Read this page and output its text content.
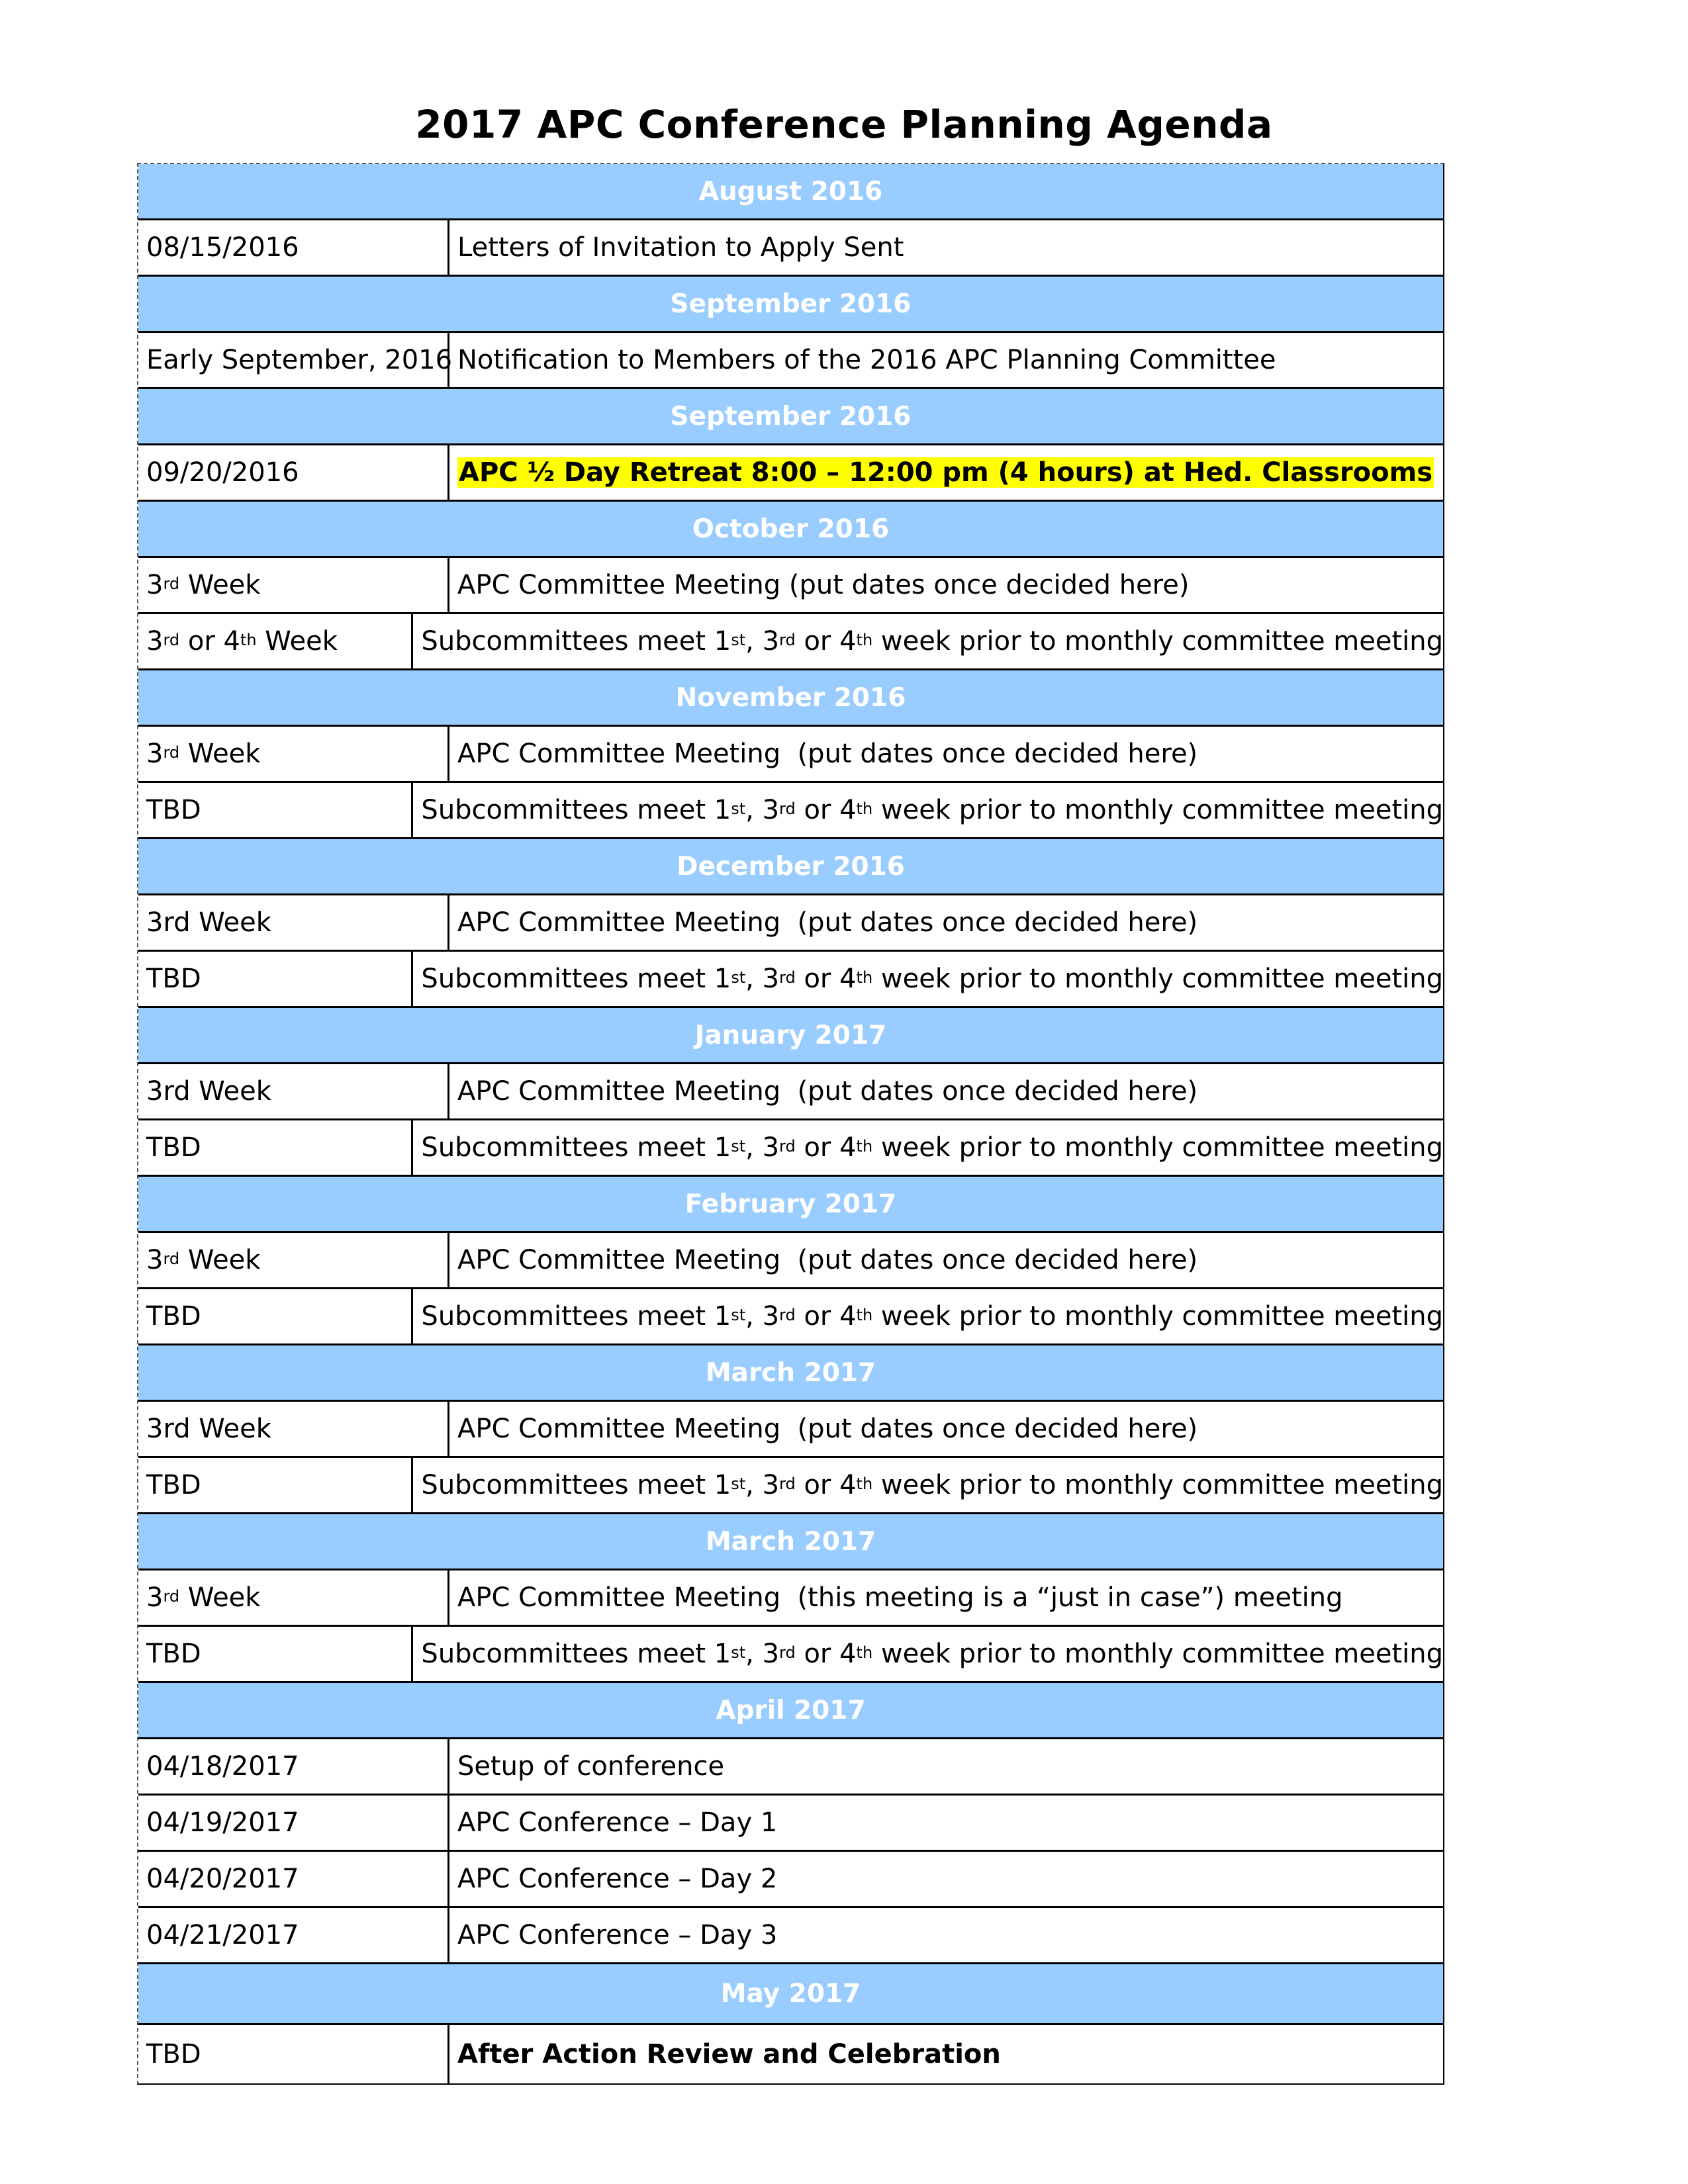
2017 APC Conference Planning Agenda
August 2016
08/15/2016	Letters of Invitation to Apply Sent
September 2016
Early September, 2016 Notification to Members of the 2016 APC Planning Committee
September 2016
09/20/2016	APC ½ Day Retreat 8:00 – 12:00 pm (4 hours) at Hed. Classrooms
October 2016
3rd Week	APC Committee Meeting (put dates once decided here)
3rd or 4th Week	Subcommittees meet 1st , 3rd or 4th week prior to monthly committee meeting
November 2016
3rd Week	APC Committee Meeting  (put dates once decided here)
TBD	Subcommittees meet 1st , 3rd or 4th week prior to monthly committee meeting
December 2016
3rd Week	APC Committee Meeting  (put dates once decided here)
TBD	Subcommittees meet 1st , 3rd or 4th week prior to monthly committee meeting
January 2017
3rd Week	APC Committee Meeting  (put dates once decided here)
TBD	Subcommittees meet 1st , 3rd or 4th week prior to monthly committee meeting
February 2017
3rd Week	APC Committee Meeting  (put dates once decided here)
TBD	Subcommittees meet 1st , 3rd or 4th week prior to monthly committee meeting
March 2017
3rd Week	APC Committee Meeting  (put dates once decided here)
TBD	Subcommittees meet 1st , 3rd or 4th week prior to monthly committee meeting
March 2017
3rd Week	APC Committee Meeting  (this meeting is a “just in case”) meeting
TBD	Subcommittees meet 1st , 3rd or 4th week prior to monthly committee meeting
April 2017
04/18/2017	Setup of conference
04/19/2017	APC Conference – Day 1
04/20/2017	APC Conference – Day 2
04/21/2017	APC Conference – Day 3
May 2017
TBD	After Action Review and Celebration
